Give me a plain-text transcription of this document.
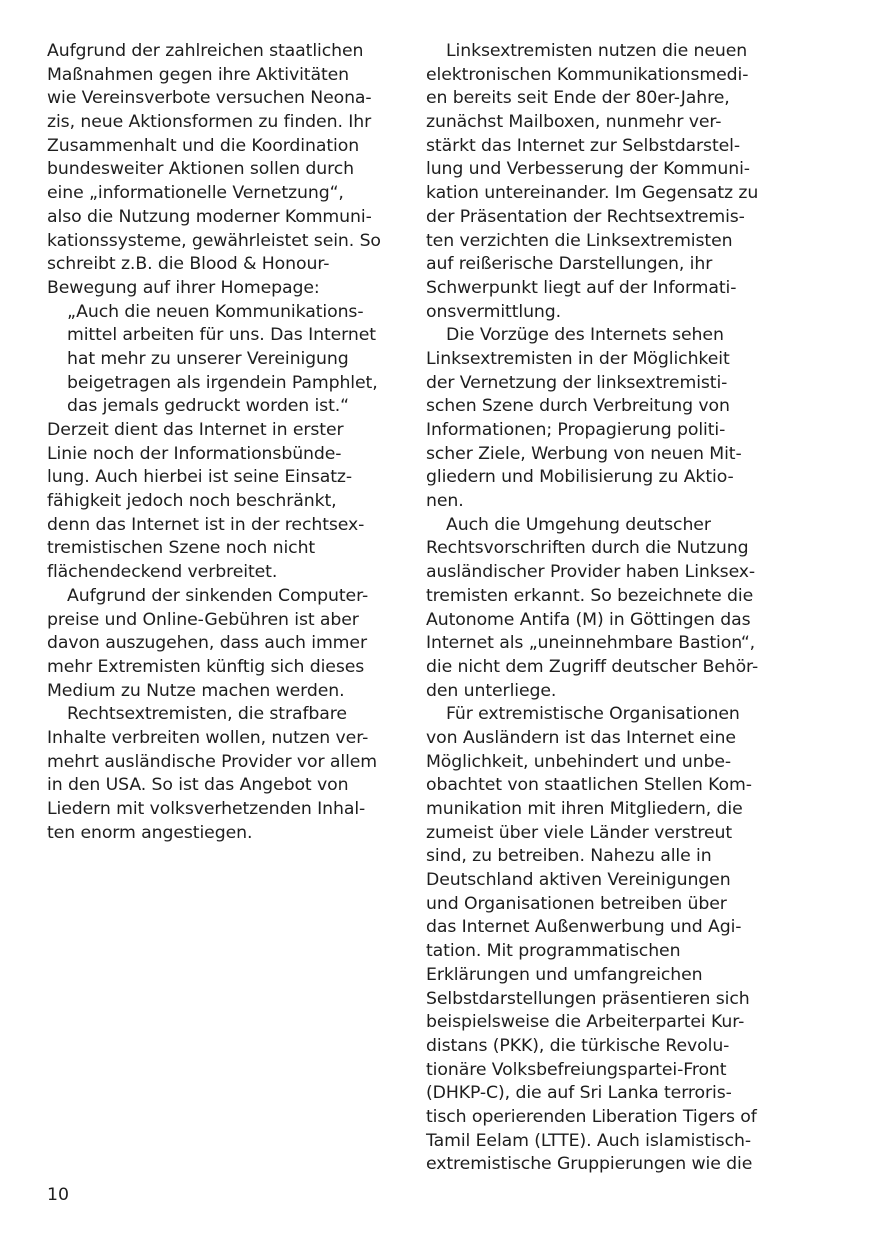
Aufgrund der zahlreichen staatlichen
Maßnahmen gegen ihre Aktivitäten
wie Vereinsverbote versuchen Neona-
zis, neue Aktionsformen zu finden. Ihr
Zusammenhalt und die Koordination
bundesweiter Aktionen sollen durch
eine „informationelle Vernetzung“,
also die Nutzung moderner Kommuni-
kationssysteme, gewährleistet sein. So
schreibt z.B. die Blood & Honour-
Bewegung auf ihrer Homepage:
„Auch die neuen Kommunikations-
mittel arbeiten für uns. Das Internet
hat mehr zu unserer Vereinigung
beigetragen als irgendein Pamphlet,
das jemals gedruckt worden ist.“
Derzeit dient das Internet in erster
Linie noch der Informationsbünde-
lung. Auch hierbei ist seine Einsatz-
fähigkeit jedoch noch beschränkt,
denn das Internet ist in der rechtsex-
tremistischen Szene noch nicht
flächendeckend verbreitet.
Aufgrund der sinkenden Computer-
preise und Online-Gebühren ist aber
davon auszugehen, dass auch immer
mehr Extremisten künftig sich dieses
Medium zu Nutze machen werden.
Rechtsextremisten, die strafbare
Inhalte verbreiten wollen, nutzen ver-
mehrt ausländische Provider vor allem
in den USA. So ist das Angebot von
Liedern mit volksverhetzenden Inhal-
ten enorm angestiegen.
Linksextremisten nutzen die neuen
elektronischen Kommunikationsmedi-
en bereits seit Ende der 80er-Jahre,
zunächst Mailboxen, nunmehr ver-
stärkt das Internet zur Selbstdarstel-
lung und Verbesserung der Kommuni-
kation untereinander. Im Gegensatz zu
der Präsentation der Rechtsextremis-
ten verzichten die Linksextremisten
auf reißerische Darstellungen, ihr
Schwerpunkt liegt auf der Informati-
onsvermittlung.
Die Vorzüge des Internets sehen
Linksextremisten in der Möglichkeit
der Vernetzung der linksextremisti-
schen Szene durch Verbreitung von
Informationen; Propagierung politi-
scher Ziele, Werbung von neuen Mit-
gliedern und Mobilisierung zu Aktio-
nen.
Auch die Umgehung deutscher
Rechtsvorschriften durch die Nutzung
ausländischer Provider haben Linksex-
tremisten erkannt. So bezeichnete die
Autonome Antifa (M) in Göttingen das
Internet als „uneinnehmbare Bastion“,
die nicht dem Zugriff deutscher Behör-
den unterliege.
Für extremistische Organisationen
von Ausländern ist das Internet eine
Möglichkeit, unbehindert und unbe-
obachtet von staatlichen Stellen Kom-
munikation mit ihren Mitgliedern, die
zumeist über viele Länder verstreut
sind, zu betreiben. Nahezu alle in
Deutschland aktiven Vereinigungen
und Organisationen betreiben über
das Internet Außenwerbung und Agi-
tation. Mit programmatischen
Erklärungen und umfangreichen
Selbstdarstellungen präsentieren sich
beispielsweise die Arbeiterpartei Kur-
distans (PKK), die türkische Revolu-
tionäre Volksbefreiungspartei-Front
(DHKP-C), die auf Sri Lanka terroris-
tisch operierenden Liberation Tigers of
Tamil Eelam (LTTE). Auch islamistisch-
extremistische Gruppierungen wie die
10
